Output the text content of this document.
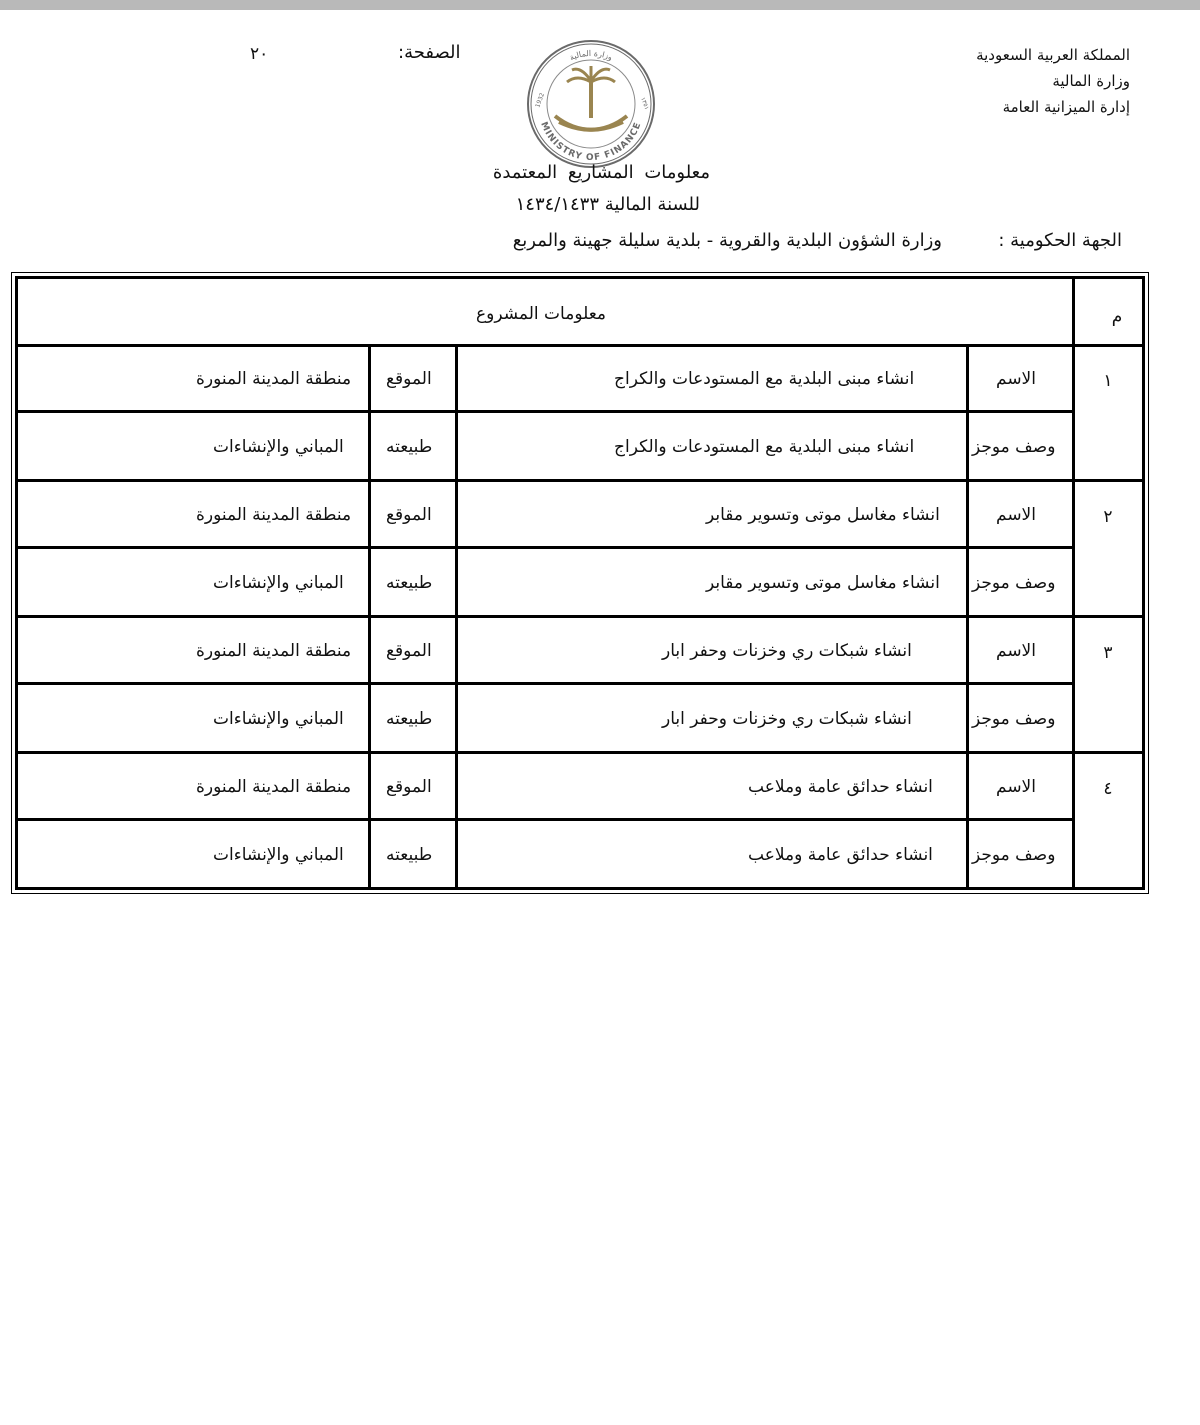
المملكة العربية السعودية
وزارة المالية
إدارة الميزانية العامة
الصفحة:
٢٠	وزارة المالية
MINISTRY OF FINANCE
1932	١٣٥١
معلومات المشاريع المعتمدة
للسنة المالية ١٤٣٤/١٤٣٣
الجهة الحكومية :
وزارة الشؤون البلدية والقروية - بلدية سليلة جهينة والمربع
م
معلومات المشروع
١
الاسم
انشاء مبنى البلدية مع المستودعات والكراج
الموقع
منطقة المدينة المنورة
وصف موجز
انشاء مبنى البلدية مع المستودعات والكراج
طبيعته
المباني والإنشاءات
٢
الاسم
انشاء مغاسل موتى وتسوير مقابر
الموقع
منطقة المدينة المنورة
وصف موجز
انشاء مغاسل موتى وتسوير مقابر
طبيعته
المباني والإنشاءات
٣
الاسم
انشاء شبكات ري وخزنات وحفر ابار
الموقع
منطقة المدينة المنورة
وصف موجز
انشاء شبكات ري وخزنات وحفر ابار
طبيعته
المباني والإنشاءات
٤
الاسم
انشاء حدائق عامة وملاعب
الموقع
منطقة المدينة المنورة
وصف موجز
انشاء حدائق عامة وملاعب
طبيعته
المباني والإنشاءات
